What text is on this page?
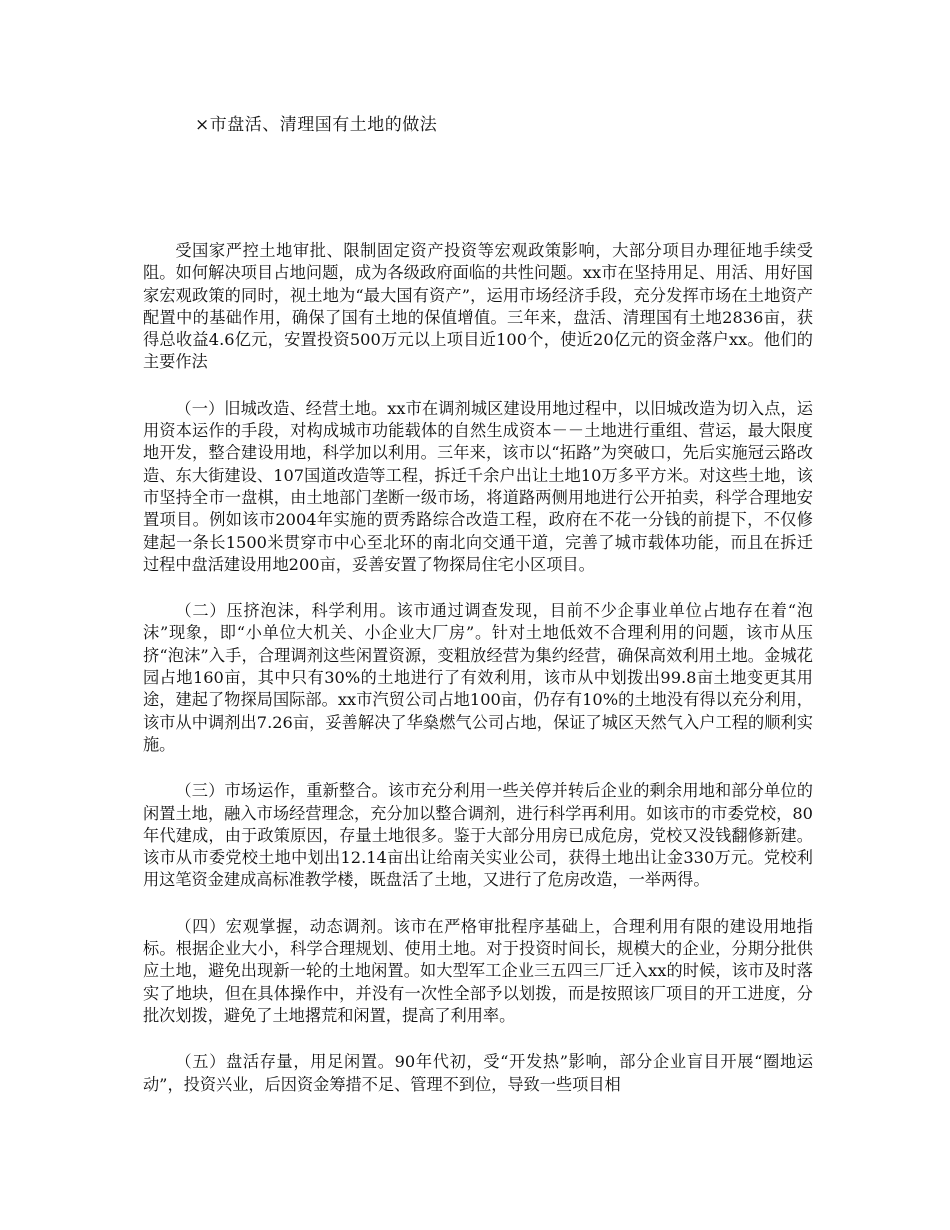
×市盘活、清理国有土地的做法

受国家严控土地审批、限制固定资产投资等宏观政策影响，大部分项目办理征地手续受阻。如何解决项目占地问题，成为各级政府面临的共性问题。xx市在坚持用足、用活、用好国家宏观政策的同时，视土地为“最大国有资产”，运用市场经济手段，充分发挥市场在土地资产配置中的基础作用，确保了国有土地的保值增值。三年来，盘活、清理国有土地2836亩，获得总收益4.6亿元，安置投资500万元以上项目近100个，使近20亿元的资金落户xx。他们的主要作法

（一）旧城改造、经营土地。xx市在调剂城区建设用地过程中，以旧城改造为切入点，运用资本运作的手段，对构成城市功能载体的自然生成资本－－土地进行重组、营运，最大限度地开发，整合建设用地，科学加以利用。三年来，该市以“拓路”为突破口，先后实施冠云路改造、东大街建设、107国道改造等工程，拆迁千余户出让土地10万多平方米。对这些土地，该市坚持全市一盘棋，由土地部门垄断一级市场，将道路两侧用地进行公开拍卖，科学合理地安置项目。例如该市2004年实施的贾秀路综合改造工程，政府在不花一分钱的前提下，不仅修建起一条长1500米贯穿市中心至北环的南北向交通干道，完善了城市载体功能，而且在拆迁过程中盘活建设用地200亩，妥善安置了物探局住宅小区项目。

（二）压挤泡沫，科学利用。该市通过调查发现，目前不少企事业单位占地存在着“泡沫”现象，即“小单位大机关、小企业大厂房”。针对土地低效不合理利用的问题，该市从压挤“泡沫”入手，合理调剂这些闲置资源，变粗放经营为集约经营，确保高效利用土地。金城花园占地160亩，其中只有30%的土地进行了有效利用，该市从中划拨出99.8亩土地变更其用途，建起了物探局国际部。xx市汽贸公司占地100亩，仍存有10%的土地没有得以充分利用，该市从中调剂出7.26亩，妥善解决了华燊燃气公司占地，保证了城区天然气入户工程的顺利实施。

（三）市场运作，重新整合。该市充分利用一些关停并转后企业的剩余用地和部分单位的闲置土地，融入市场经营理念，充分加以整合调剂，进行科学再利用。如该市的市委党校，80年代建成，由于政策原因，存量土地很多。鉴于大部分用房已成危房，党校又没钱翻修新建。该市从市委党校土地中划出12.14亩出让给南关实业公司，获得土地出让金330万元。党校利用这笔资金建成高标准教学楼，既盘活了土地，又进行了危房改造，一举两得。

（四）宏观掌握，动态调剂。该市在严格审批程序基础上，合理利用有限的建设用地指标。根据企业大小，科学合理规划、使用土地。对于投资时间长，规模大的企业，分期分批供应土地，避免出现新一轮的土地闲置。如大型军工企业三五四三厂迁入xx的时候，该市及时落实了地块，但在具体操作中，并没有一次性全部予以划拨，而是按照该厂项目的开工进度，分批次划拨，避免了土地撂荒和闲置，提高了利用率。

（五）盘活存量，用足闲置。90年代初，受“开发热”影响，部分企业盲目开展“圈地运动”，投资兴业，后因资金筹措不足、管理不到位，导致一些项目相
